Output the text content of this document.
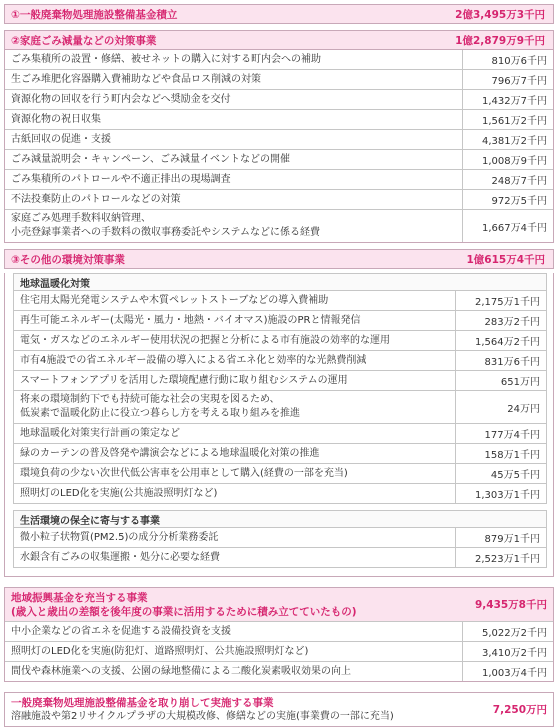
①一般廃棄物処理施設整備基金積立	2億3,495万3千円
②家庭ごみ減量などの対策事業	1億2,879万9千円
ごみ集積所の設置・修繕、被せネットの購入に対する町内会への補助	810万6千円
生ごみ堆肥化容器購入費補助などや食品ロス削減の対策	796万7千円
資源化物の回収を行う町内会などへ奨励金を交付	1,432万7千円
資源化物の祝日収集	1,561万2千円
古紙回収の促進・支援	4,381万2千円
ごみ減量説明会・キャンペーン、ごみ減量イベントなどの開催	1,008万9千円
ごみ集積所のパトロールや不適正排出の現場調査	248万7千円
不法投棄防止のパトロールなどの対策	972万5千円
家庭ごみ処理手数料収納管理、
小売登録事業者への手数料の徴収事務委託やシステムなどに係る経費	1,667万4千円
③その他の環境対策事業	1億615万4千円
地球温暖化対策
住宅用太陽光発電システムや木質ペレットストーブなどの導入費補助	2,175万1千円
再生可能エネルギー(太陽光・風力・地熱・バイオマス)施設のPRと情報発信	283万2千円
電気・ガスなどのエネルギー使用状況の把握と分析による市有施設の効率的な運用	1,564万2千円
市有4施設での省エネルギー設備の導入による省エネ化と効率的な光熱費削減	831万6千円
スマートフォンアプリを活用した環境配慮行動に取り組むシステムの運用	651万円
将来の環境制約下でも持続可能な社会の実現を図るため、
低炭素で温暖化防止に役立つ暮らし方を考える取り組みを推進	24万円
地球温暖化対策実行計画の策定など	177万4千円
緑のカーテンの普及啓発や講演会などによる地球温暖化対策の推進	158万1千円
環境負荷の少ない次世代低公害車を公用車として購入(経費の一部を充当)	45万5千円
照明灯のLED化を実施(公共施設照明灯など)	1,303万1千円
生活環境の保全に寄与する事業
微小粒子状物質(PM2.5)の成分分析業務委託	879万1千円
水銀含有ごみの収集運搬・処分に必要な経費	2,523万1千円
地域振興基金を充当する事業
(歳入と歳出の差額を後年度の事業に活用するために積み立てていたもの)
9,435万8千円
中小企業などの省エネを促進する設備投資を支援	5,022万2千円
照明灯のLED化を実施(防犯灯、道路照明灯、公共施設照明灯など)	3,410万2千円
間伐や森林施業への支援、公園の緑地整備による二酸化炭素吸収効果の向上	1,003万4千円
一般廃棄物処理施設整備基金を取り崩して実施する事業
溶融施設や第2リサイクルプラザの大規模改修、修繕などの実施(事業費の一部に充当)
7,250万円
